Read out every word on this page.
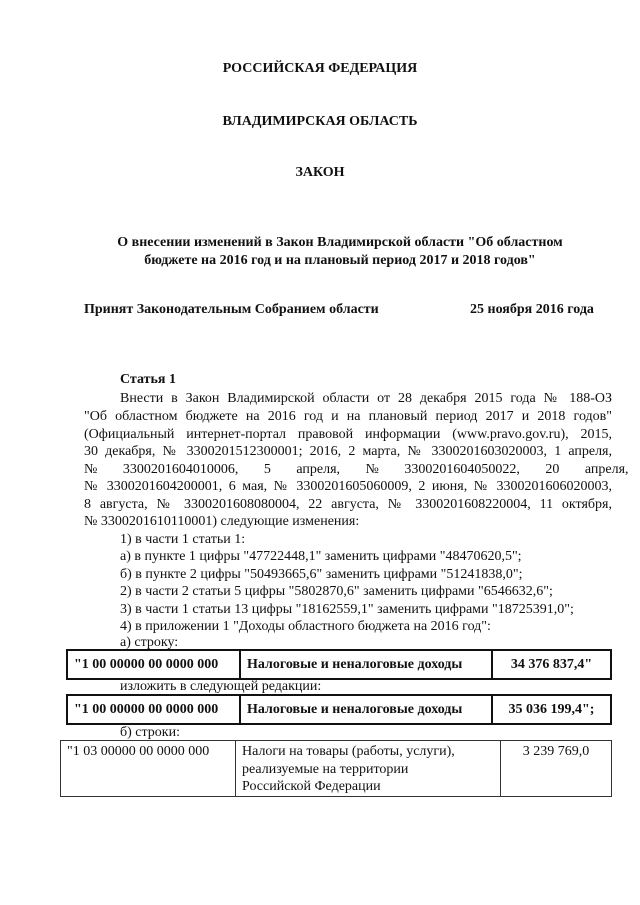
РОССИЙСКАЯ ФЕДЕРАЦИЯ
ВЛАДИМИРСКАЯ ОБЛАСТЬ
ЗАКОН
О внесении изменений в Закон Владимирской области "Об областном
бюджете на 2016 год и на плановый период 2017 и 2018 годов"
Принят Законодательным Собранием области	25 ноября 2016 года
Статья 1
Внести в Закон Владимирской области от 28 декабря 2015 года № 188-ОЗ
"Об областном бюджете на 2016 год и на плановый период 2017 и 2018 годов"
(Официальный интернет-портал правовой информации (www.pravo.gov.ru), 2015,
30 декабря, № 3300201512300001; 2016, 2 марта, № 3300201603020003, 1 апреля,
№ 3300201604010006, 5 апреля, № 3300201604050022, 20 апреля,
№ 3300201604200001, 6 мая, № 3300201605060009, 2 июня, № 3300201606020003,
8 августа, № 3300201608080004, 22 августа, № 3300201608220004, 11 октября,
№ 3300201610110001) следующие изменения:
1) в части 1 статьи 1:
а) в пункте 1 цифры "47722448,1" заменить цифрами "48470620,5";
б) в пункте 2 цифры "50493665,6" заменить цифрами "51241838,0";
2) в части 2 статьи 5 цифры "5802870,6" заменить цифрами "6546632,6";
3) в части 1 статьи 13 цифры "18162559,1" заменить цифрами "18725391,0";
4) в приложении 1 "Доходы областного бюджета на 2016 год":
а) строку:
"1 00 00000 00 0000 000	Налоговые и неналоговые доходы	34 376 837,4"
изложить в следующей редакции:
"1 00 00000 00 0000 000	Налоговые и неналоговые доходы	35 036 199,4";
б) строки:
"1 03 00000 00 0000 000	Налоги на товары (работы, услуги),
реализуемые на территории
Российской Федерации
	3 239 769,0
